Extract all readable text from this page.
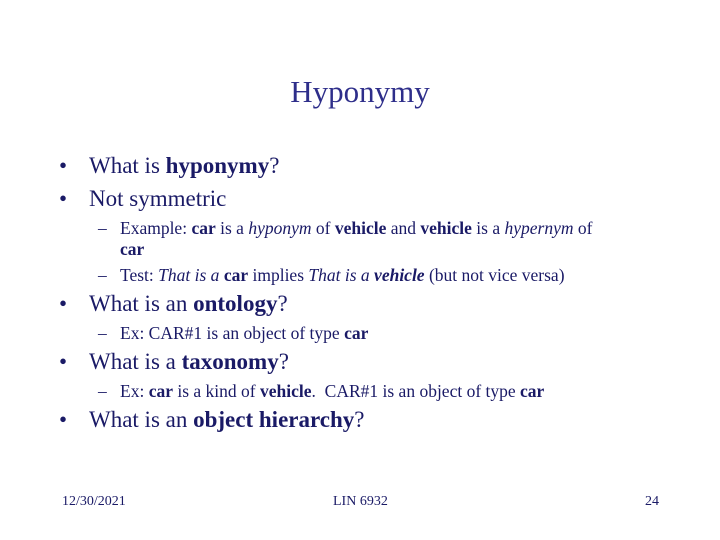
Hyponymy
• What is hyponymy?
• Not symmetric
– Example: car is a hyponym of vehicle and vehicle is a hypernym of
car
– Test: That is a car implies That is a vehicle (but not vice versa)
• What is an ontology?
– Ex: CAR#1 is an object of type car
• What is a taxonomy?
– Ex: car is a kind of vehicle.  CAR#1 is an object of type car
• What is an object hierarchy?
12/30/2021	LIN 6932	24
